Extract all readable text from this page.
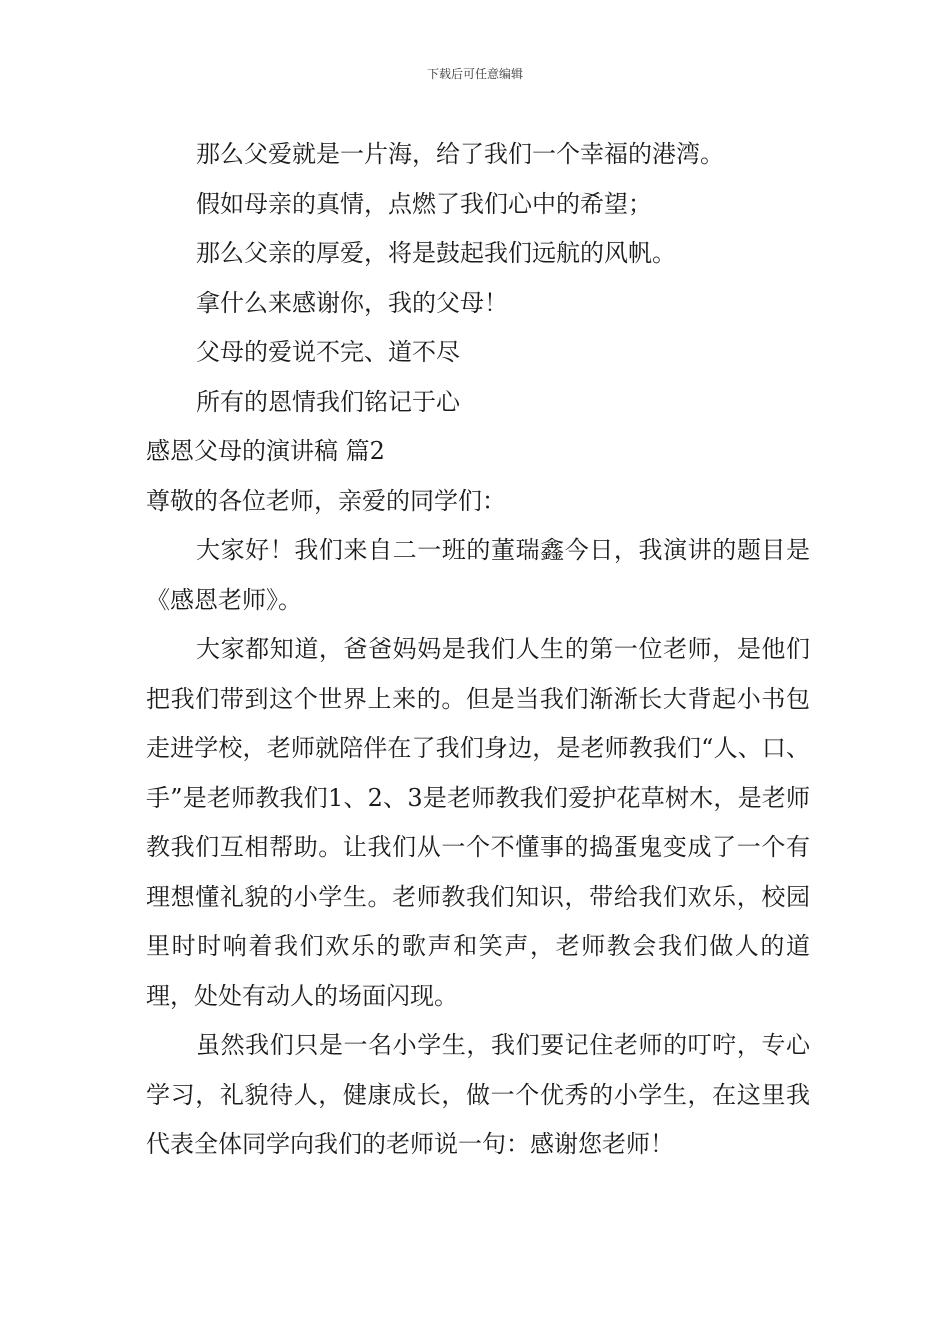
下载后可任意编辑
那么父爱就是一片海，给了我们一个幸福的港湾。
假如母亲的真情，点燃了我们心中的希望；
那么父亲的厚爱，将是鼓起我们远航的风帆。
拿什么来感谢你，我的父母！
父母的爱说不完、道不尽
所有的恩情我们铭记于心
感恩父母的演讲稿 篇2
尊敬的各位老师，亲爱的同学们：

大家好！我们来自二一班的董瑞鑫今日，我演讲的题目是《感恩老师》。

大家都知道，爸爸妈妈是我们人生的第一位老师，是他们把我们带到这个世界上来的。但是当我们渐渐长大背起小书包走进学校，老师就陪伴在了我们身边，是老师教我们“人、口、手”是老师教我们1、2、3是老师教我们爱护花草树木，是老师教我们互相帮助。让我们从一个不懂事的捣蛋鬼变成了一个有理想懂礼貌的小学生。老师教我们知识，带给我们欢乐，校园里时时响着我们欢乐的歌声和笑声，老师教会我们做人的道理，处处有动人的场面闪现。

虽然我们只是一名小学生，我们要记住老师的叮咛，专心学习，礼貌待人，健康成长，做一个优秀的小学生，在这里我代表全体同学向我们的老师说一句：感谢您老师！
